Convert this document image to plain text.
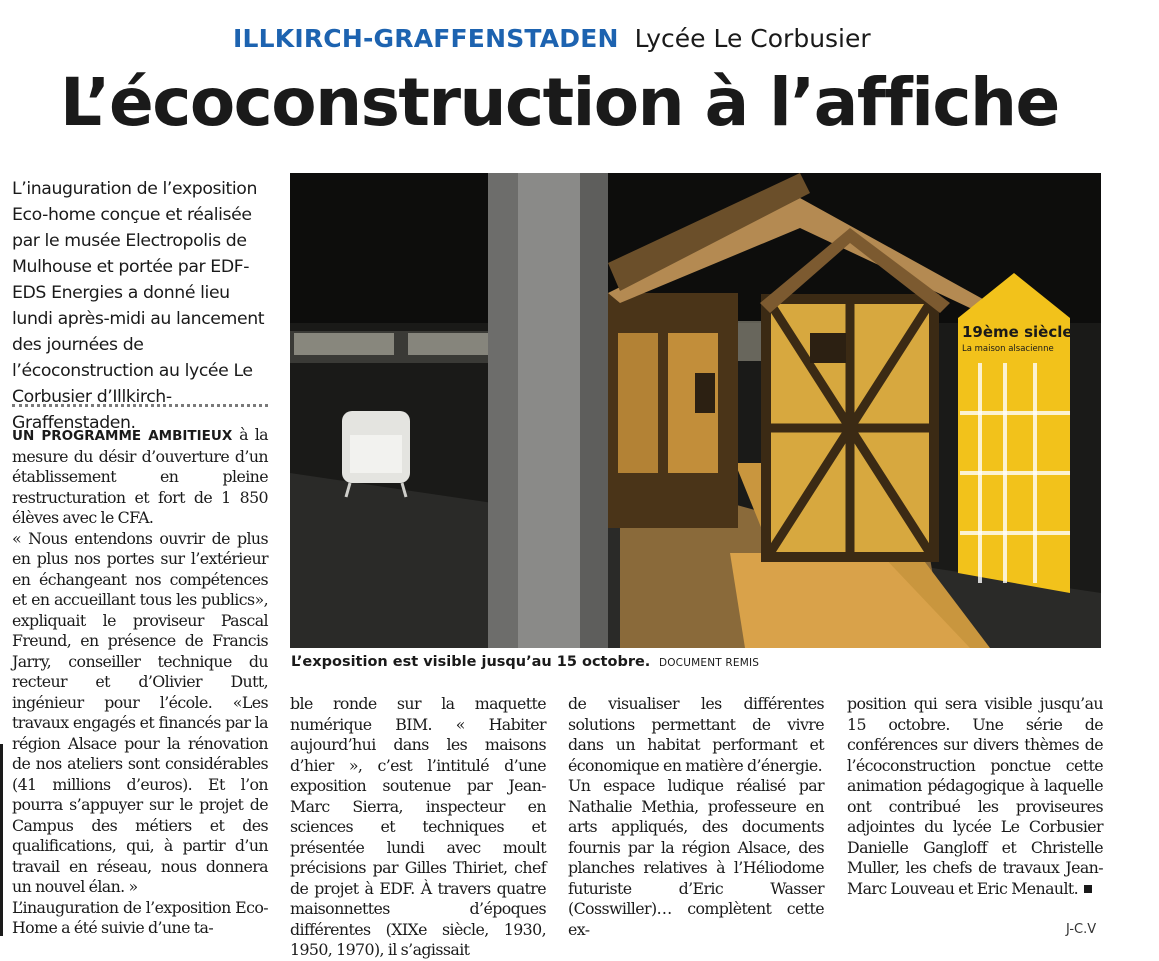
ILLKIRCH-GRAFFENSTADEN Lycée Le Corbusier
L’écoconstruction à l’affiche

L’inauguration de l’exposition Eco-home conçue et réalisée par le musée Electropolis de Mulhouse et portée par EDF-EDS Energies a donné lieu lundi après-midi au lancement des journées de l’écoconstruction au lycée Le Corbusier d’Illkirch-Graffenstaden.

UN PROGRAMME AMBITIEUX à la mesure du désir d’ouverture d’un établissement en pleine restructuration et fort de 1 850 élèves avec le CFA.

« Nous entendons ouvrir de plus en plus nos portes sur l’extérieur en échangeant nos compétences et en accueillant tous les publics», expliquait le proviseur Pascal Freund, en présence de Francis Jarry, conseiller technique du recteur et d’Olivier Dutt, ingénieur pour l’école. «Les travaux engagés et financés par la région Alsace pour la rénovation de nos ateliers sont considérables (41 millions d’euros). Et l’on pourra s’appuyer sur le projet de Campus des métiers et des qualifications, qui, à partir d’un travail en réseau, nous donnera un nouvel élan. »

L’inauguration de l’exposition Eco-Home a été suivie d’une ta-

19ème siècle
La maison alsacienne
L’exposition est visible jusqu’au 15 octobre. DOCUMENT REMIS

ble ronde sur la maquette numérique BIM. « Habiter aujourd’hui dans les maisons d’hier », c’est l’intitulé d’une exposition soutenue par Jean-Marc Sierra, inspecteur en sciences et techniques et présentée lundi avec moult précisions par Gilles Thiriet, chef de projet à EDF. À travers quatre maisonnettes d’époques différentes (XIXe siècle, 1930, 1950, 1970), il s’agissait

de visualiser les différentes solutions permettant de vivre dans un habitat performant et économique en matière d’énergie.

Un espace ludique réalisé par Nathalie Methia, professeure en arts appliqués, des documents fournis par la région Alsace, des planches relatives à l’Héliodome futuriste d’Eric Wasser (Cosswiller)… complètent cette ex-

position qui sera visible jusqu’au 15 octobre. Une série de conférences sur divers thèmes de l’écoconstruction ponctue cette animation pédagogique à laquelle ont contribué les proviseures adjointes du lycée Le Corbusier Danielle Gangloff et Christelle Muller, les chefs de travaux Jean-Marc Louveau et Eric Menault.

J-C.V
